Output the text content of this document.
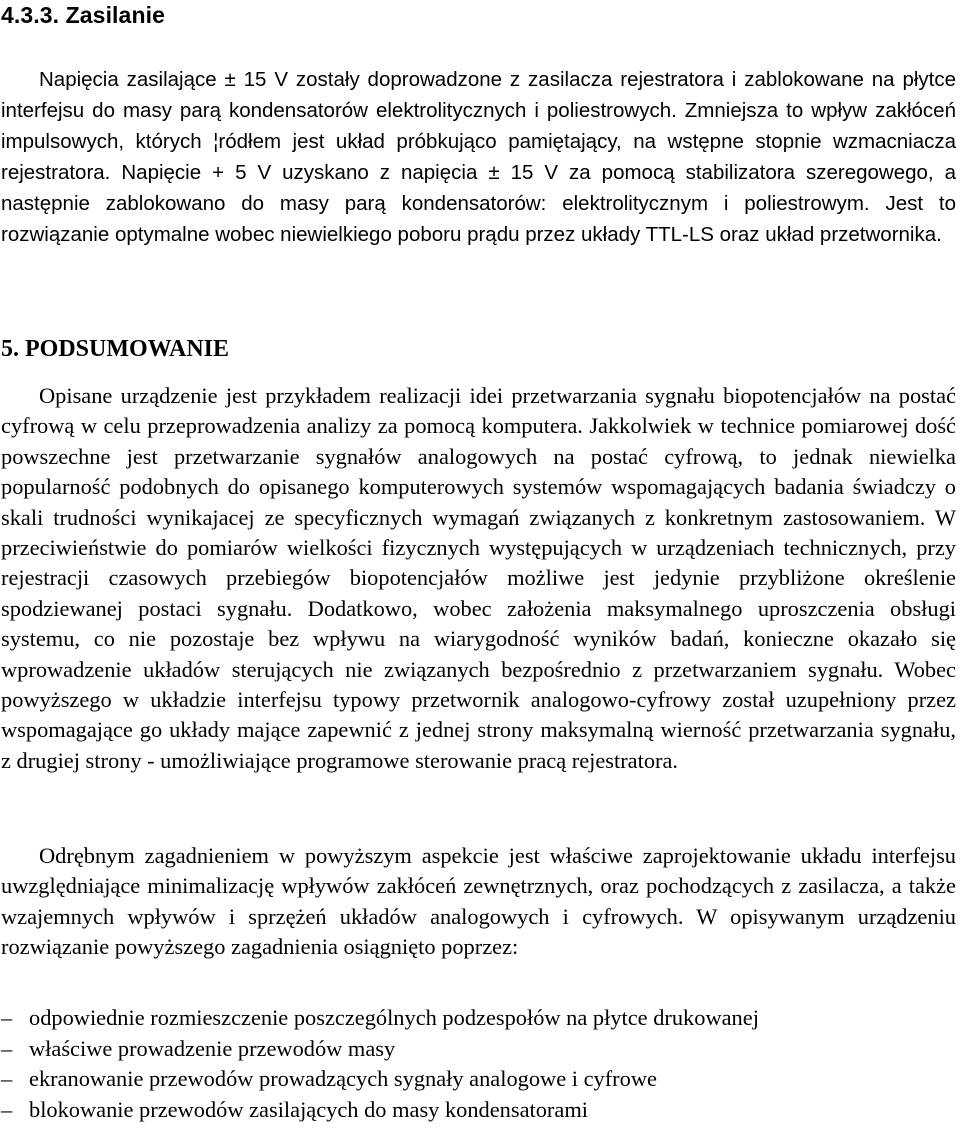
4.3.3. Zasilanie

Napięcia zasilające ± 15 V zostały doprowadzone z zasilacza rejestratora i zablokowane na płytce interfejsu do masy parą kondensatorów elektrolitycznych i poliestrowych. Zmniejsza to wpływ zakłóceń impulsowych, których ¦ródłem jest układ próbkująco pamiętający, na wstępne stopnie wzmacniacza rejestratora. Napięcie + 5 V uzyskano z napięcia ± 15 V za pomocą stabilizatora szeregowego, a następnie zablokowano do masy parą kondensatorów: elektrolitycznym i poliestrowym. Jest to rozwiązanie optymalne wobec niewielkiego poboru prądu przez układy TTL-LS oraz układ przetwornika.

5. PODSUMOWANIE

Opisane urządzenie jest przykładem realizacji idei przetwarzania sygnału biopotencjałów na postać cyfrową w celu przeprowadzenia analizy za pomocą komputera. Jakkolwiek w technice pomiarowej dość powszechne jest przetwarzanie sygnałów analogowych na postać cyfrową, to jednak niewielka popularność podobnych do opisanego komputerowych systemów wspomagających badania świadczy o skali trudności wynikajacej ze specyficznych wymagań związanych z konkretnym zastosowaniem. W przeciwieństwie do pomiarów wielkości fizycznych występujących w urządzeniach technicznych, przy rejestracji czasowych przebiegów biopotencjałów możliwe jest jedynie przybliżone określenie spodziewanej postaci sygnału. Dodatkowo, wobec założenia maksymalnego uproszczenia obsługi systemu, co nie pozostaje bez wpływu na wiarygodność wyników badań, konieczne okazało się wprowadzenie układów sterujących nie związanych bezpośrednio z przetwarzaniem sygnału. Wobec powyższego w układzie interfejsu typowy przetwornik analogowo-cyfrowy został uzupełniony przez wspomagające go układy mające zapewnić z jednej strony maksymalną wierność przetwarzania sygnału, z drugiej strony - umożliwiające programowe sterowanie pracą rejestratora.

Odrębnym zagadnieniem w powyższym aspekcie jest właściwe zaprojektowanie układu interfejsu uwzględniające minimalizację wpływów zakłóceń zewnętrznych, oraz pochodzących z zasilacza, a także wzajemnych wpływów i sprzężeń układów analogowych i cyfrowych. W opisywanym urządzeniu rozwiązanie powyższego zagadnienia osiągnięto poprzez:

– odpowiednie rozmieszczenie poszczególnych podzespołów na płytce drukowanej
– właściwe prowadzenie przewodów masy
– ekranowanie przewodów prowadzących sygnały analogowe i cyfrowe
– blokowanie przewodów zasilających do masy kondensatorami
